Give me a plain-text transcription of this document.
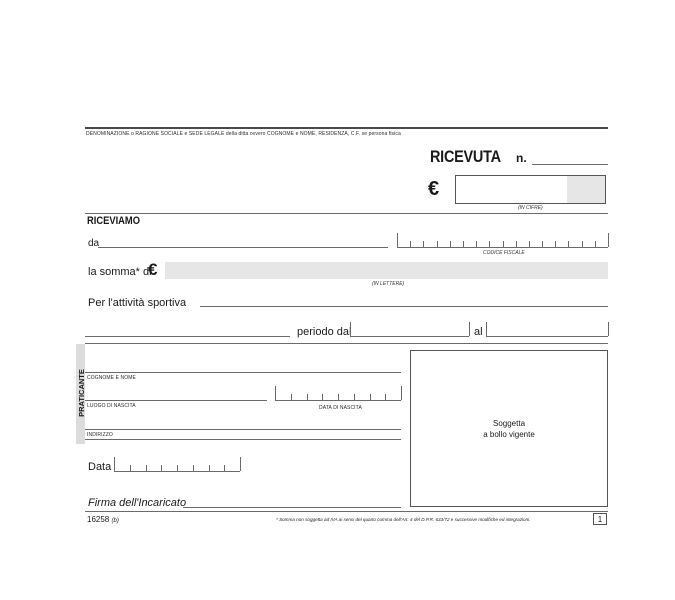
DENOMINAZIONE o RAGIONE SOCIALE e SEDE LEGALE della ditta ovvero COGNOME e NOME, RESIDENZA, C.F. se persona fisica
RICEVUTA	n.
€
(IN CIFRE)
RICEVIAMO
da
CODICE FISCALE
la somma* di
€
(IN LETTERE)
Per l'attività sportiva
periodo dal	al
PRATICANTE COGNOME E NOME
LUOGO DI NASCITA	DATA DI NASCITA
INDIRIZZO
Soggetta
a bollo vigente
Data
Firma dell'Incaricato
16258 (b)	* Somma non soggetta ad IVA ai sensi del quarto comma dell'Art. 4 del D.P.R. 633/72 e successive modifiche ed integrazioni.	1
